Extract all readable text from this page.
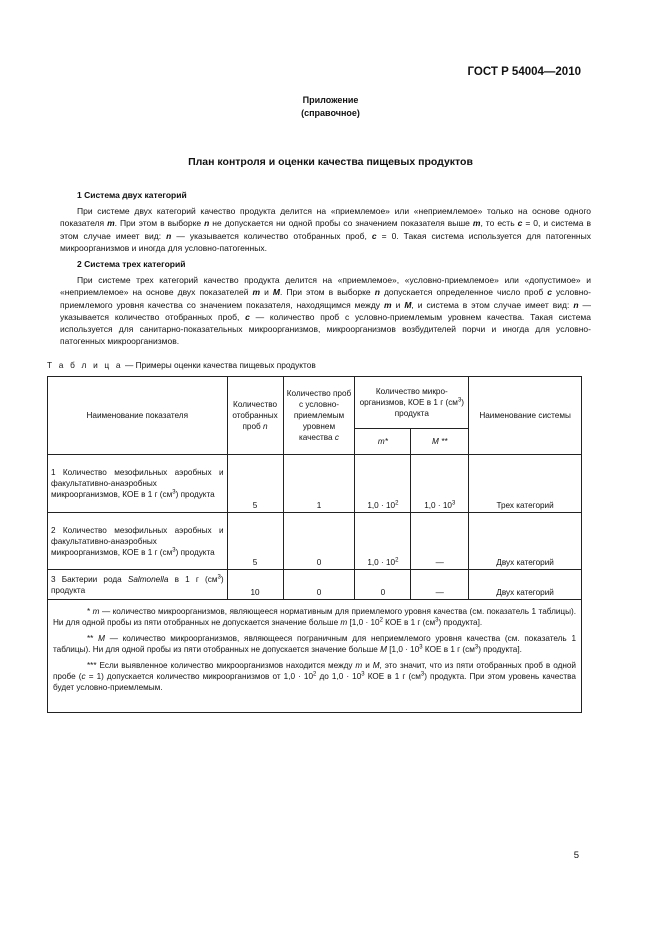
ГОСТ Р 54004—2010
Приложение
(справочное)
План контроля и оценки качества пищевых продуктов
1 Система двух категорий
При системе двух категорий качество продукта делится на «приемлемое» или «неприемлемое» только на основе одного показателя m. При этом в выборке n не допускается ни одной пробы со значением показателя выше m, то есть c = 0, и система в этом случае имеет вид: n — указывается количество отобранных проб, c = 0. Такая система используется для патогенных микроорганизмов и иногда для условно-патогенных.
2 Система трех категорий
При системе трех категорий качество продукта делится на «приемлемое», «условно-приемлемое» или «допустимое» и «неприемлемое» на основе двух показателей m и M. При этом в выборке n допускается определенное число проб c условно-приемлемого уровня качества со значением показателя, находящимся между m и M, и система в этом случае имеет вид: n — указывается количество отобранных проб, c — количество проб с условно-приемлемым уровнем качества. Такая система используется для санитарно-показательных микроорганизмов, микроорганизмов возбудителей порчи и иногда для условно-патогенных микроорганизмов.
Т а б л и ц а — Примеры оценки качества пищевых продуктов
Наименование показателя	Количество отобранных проб n	Количество проб с условно-приемлемым уровнем качества c	Количество микро-организмов, КОЕ в 1 г $(см^3)$ продукта		Наименование системы
			m*	M **	
1 Количество мезофильных аэробных и факультативно-анаэробных микроорганизмов, КОЕ в 1 г $(см^3)$ продукта	5	1	$1,0 \cdot 10^2$	$1,0 \cdot 10^3$	Трех категорий
2 Количество мезофильных аэробных и факультативно-анаэробных микроорганизмов, КОЕ в 1 г $(см^3)$ продукта	5	0	$1,0 \cdot 10^2$	—	Двух категорий
3 Бактерии рода Salmonella в 1 г $(см^3)$ продукта	10	0	0	—	Двух категорий

* m — количество микроорганизмов, являющееся нормативным для приемлемого уровня качества (см. показатель 1 таблицы). Ни для одной пробы из пяти отобранных не допускается значение больше m [$1,0 \cdot 10^2$ КОЕ в 1 г $(см^3)$ продукта].

** M — количество микроорганизмов, являющееся пограничным для неприемлемого уровня качества (см. показатель 1 таблицы). Ни для одной пробы из пяти отобранных не допускается значение больше M [$1,0 \cdot 10^3$ КОЕ в 1 г $(см^3)$ продукта].

*** Если выявленное количество микроорганизмов находится между m и M, это значит, что из пяти отобранных проб в одной пробе (c = 1) допускается количество микроорганизмов от $1,0 \cdot 10^2$ до $1,0 \cdot 10^3$ КОЕ в 1 г $(см^3)$ продукта. При этом уровень качества будет условно-приемлемым.					

5
